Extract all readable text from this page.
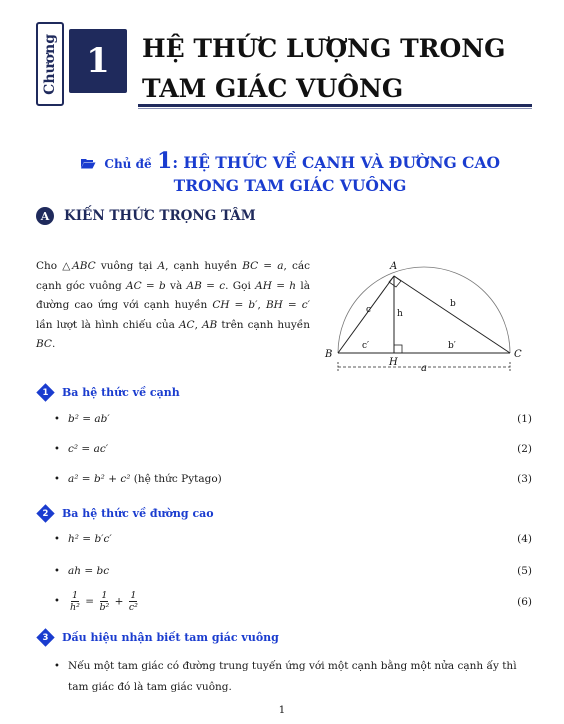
Chương 1	HỆ THỨC LƯỢNG TRONG
TAM GIÁC VUÔNG
Chủ đề 1: HỆ THỨC VỀ CẠNH VÀ ĐƯỜNG CAO
TRONG TAM GIÁC VUÔNG
A	KIẾN THỨC TRỌNG TÂM
Cho △ABC vuông tại A, cạnh huyền BC = a, các cạnh góc vuông AC = b và AB = c. Gọi AH = h là đường cao ứng với cạnh huyền CH = b′, BH = c′ lần lượt là hình chiếu của AC, AB trên cạnh huyền BC.
A
B	C
H
a
c
b
h
c′	b′
1 Ba hệ thức về cạnh
• b² = ab′	(1)
• c² = ac′	(2)
• a² = b² + c² (hệ thức Pytago)	(3)
2 Ba hệ thức về đường cao
• h² = b′c′	(4)
• ah = bc	(5)
•	$\frac{1}{\text{h²}} = \frac{1}{\text{b²}} + \frac{1}{\text{c²}}$	(6)
3 Dấu hiệu nhận biết tam giác vuông
• Nếu một tam giác có đường trung tuyến ứng với một cạnh bằng một nửa cạnh ấy thì tam giác đó là tam giác vuông.
1
